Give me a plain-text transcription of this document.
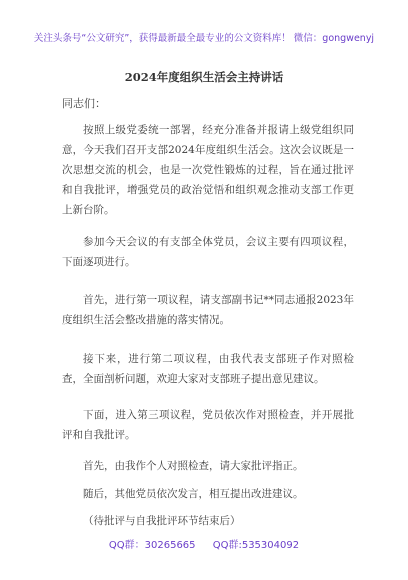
关注头条号“公文研究”，获得最新最全最专业的公文资料库！ 微信：gongwenyj
2024年度组织生活会主持讲话
同志们：

按照上级党委统一部署，经充分准备并报请上级党组织同意，今天我们召开支部2024年度组织生活会。这次会议既是一次思想交流的机会，也是一次党性锻炼的过程，旨在通过批评和自我批评，增强党员的政治觉悟和组织观念推动支部工作更上新台阶。

参加今天会议的有支部全体党员，会议主要有四项议程，下面逐项进行。

首先，进行第一项议程，请支部副书记**同志通报2023年度组织生活会整改措施的落实情况。

接下来，进行第二项议程，由我代表支部班子作对照检查，全面剖析问题，欢迎大家对支部班子提出意见建议。

下面，进入第三项议程，党员依次作对照检查，并开展批评和自我批评。

首先，由我作个人对照检查，请大家批评指正。

随后，其他党员依次发言，相互提出改进建议。

（待批评与自我批评环节结束后）

QQ群：30265665 QQ群:535304092
